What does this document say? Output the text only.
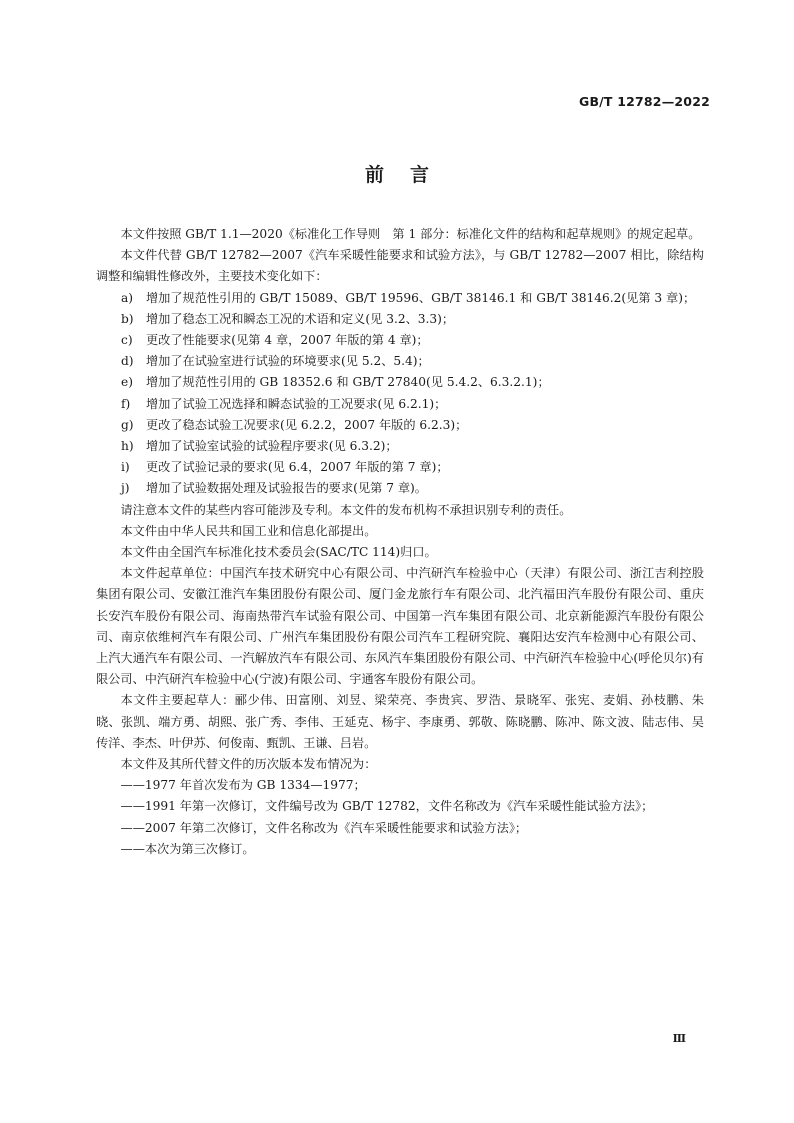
GB/T 12782—2022
前言

本文件按照 GB/T 1.1—2020《标准化工作导则　第 1 部分：标准化文件的结构和起草规则》的规定起草。

本文件代替 GB/T 12782—2007《汽车采暖性能要求和试验方法》，与 GB/T 12782—2007 相比，除结构调整和编辑性修改外，主要技术变化如下：

a)	增加了规范性引用的 GB/T 15089、GB/T 19596、GB/T 38146.1 和 GB/T 38146.2(见第 3 章)；
b)	增加了稳态工况和瞬态工况的术语和定义(见 3.2、3.3)；
c)	更改了性能要求(见第 4 章，2007 年版的第 4 章)；
d)	增加了在试验室进行试验的环境要求(见 5.2、5.4)；
e)	增加了规范性引用的 GB 18352.6 和 GB/T 27840(见 5.4.2、6.3.2.1)；
f)	增加了试验工况选择和瞬态试验的工况要求(见 6.2.1)；
g)	更改了稳态试验工况要求(见 6.2.2，2007 年版的 6.2.3)；
h)	增加了试验室试验的试验程序要求(见 6.3.2)；
i)	更改了试验记录的要求(见 6.4，2007 年版的第 7 章)；
j)	增加了试验数据处理及试验报告的要求(见第 7 章)。

请注意本文件的某些内容可能涉及专利。本文件的发布机构不承担识别专利的责任。

本文件由中华人民共和国工业和信息化部提出。

本文件由全国汽车标准化技术委员会(SAC/TC 114)归口。

本文件起草单位：中国汽车技术研究中心有限公司、中汽研汽车检验中心（天津）有限公司、浙江吉利控股集团有限公司、安徽江淮汽车集团股份有限公司、厦门金龙旅行车有限公司、北汽福田汽车股份有限公司、重庆长安汽车股份有限公司、海南热带汽车试验有限公司、中国第一汽车集团有限公司、北京新能源汽车股份有限公司、南京依维柯汽车有限公司、广州汽车集团股份有限公司汽车工程研究院、襄阳达安汽车检测中心有限公司、上汽大通汽车有限公司、一汽解放汽车有限公司、东风汽车集团股份有限公司、中汽研汽车检验中心(呼伦贝尔)有限公司、中汽研汽车检验中心(宁波)有限公司、宇通客车股份有限公司。

本文件主要起草人：郦少伟、田富刚、刘昱、梁荣亮、李贵宾、罗浩、景晓军、张宪、麦娟、孙枝鹏、朱晓、张凯、端方勇、胡熙、张广秀、李伟、王延克、杨宇、李康勇、郭敬、陈晓鹏、陈冲、陈文波、陆志伟、吴传洋、李杰、叶伊苏、何俊南、甄凯、王谦、吕岩。

本文件及其所代替文件的历次版本发布情况为：

——1977 年首次发布为 GB 1334—1977；

——1991 年第一次修订，文件编号改为 GB/T 12782，文件名称改为《汽车采暖性能试验方法》；

——2007 年第二次修订，文件名称改为《汽车采暖性能要求和试验方法》；

——本次为第三次修订。

Ⅲ
